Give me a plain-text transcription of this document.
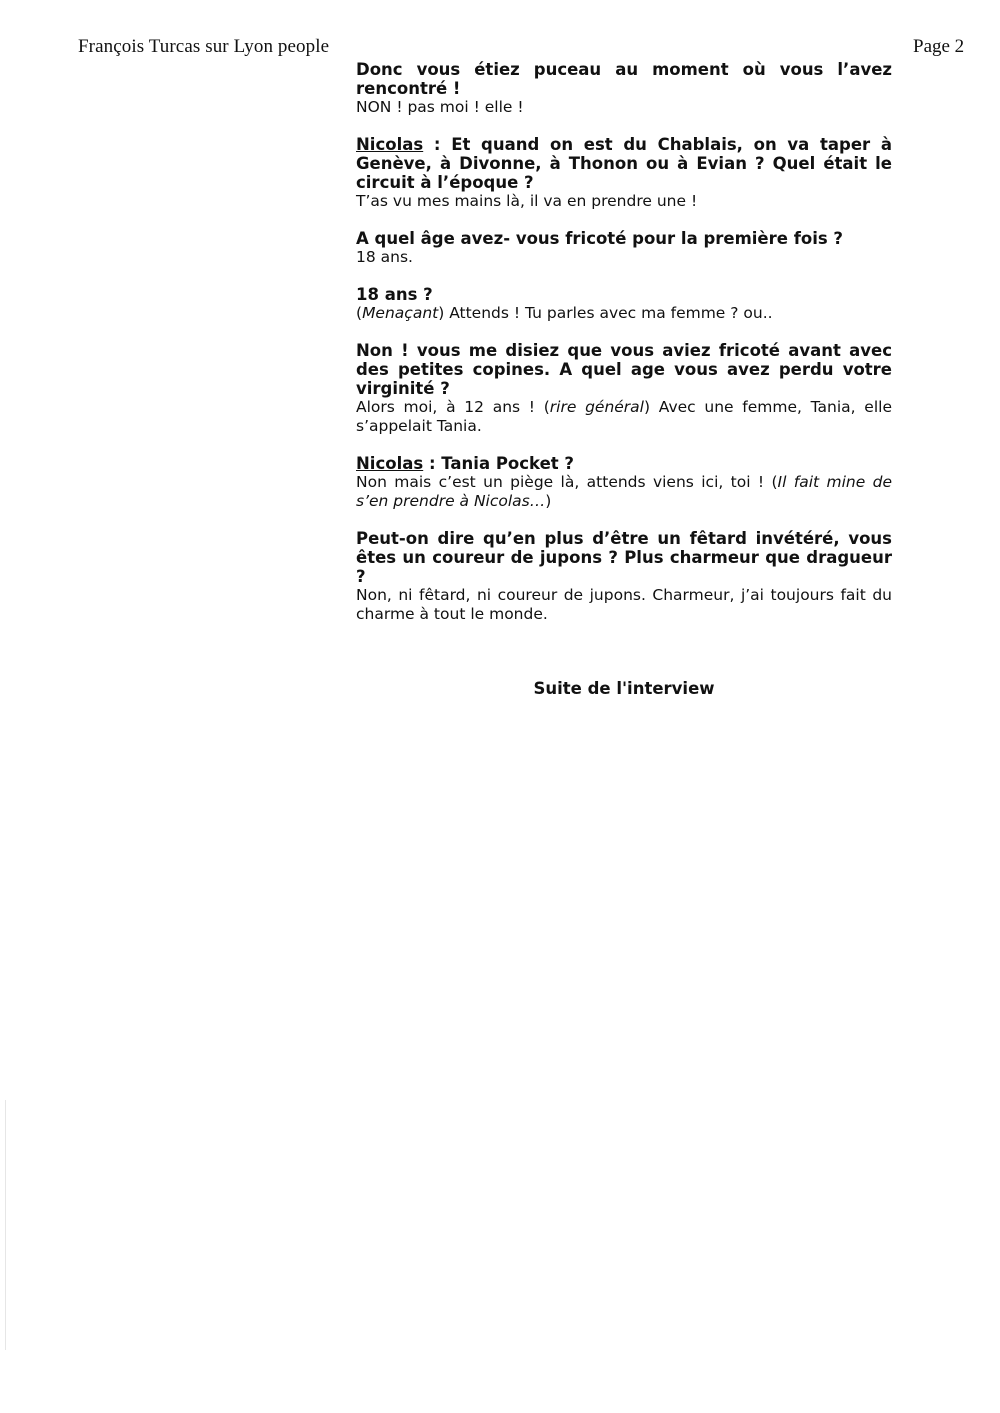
François Turcas sur Lyon people	Page 2

Donc vous étiez puceau au moment où vous l’avez rencontré !

NON ! pas moi ! elle !

Nicolas : Et quand on est du Chablais, on va taper à Genève, à Divonne, à Thonon ou à Evian ? Quel était le circuit à l’époque ?

T’as vu mes mains là, il va en prendre une !

A quel âge avez- vous fricoté pour la première fois ?

18 ans.

18 ans ?

(Menaçant) Attends ! Tu parles avec ma femme ? ou..

Non ! vous me disiez que vous aviez fricoté avant avec des petites copines. A quel age vous avez perdu votre virginité ?

Alors moi, à 12 ans ! (rire général) Avec une femme, Tania, elle s’appelait Tania.

Nicolas : Tania Pocket ?

Non mais c’est un piège là, attends viens ici, toi ! (Il fait mine de s’en prendre à Nicolas…)

Peut-on dire qu’en plus d’être un fêtard invétéré, vous êtes un coureur de jupons ? Plus charmeur que dragueur ?

Non, ni fêtard, ni coureur de jupons. Charmeur, j’ai toujours fait du charme à tout le monde.

Suite de l'interview
